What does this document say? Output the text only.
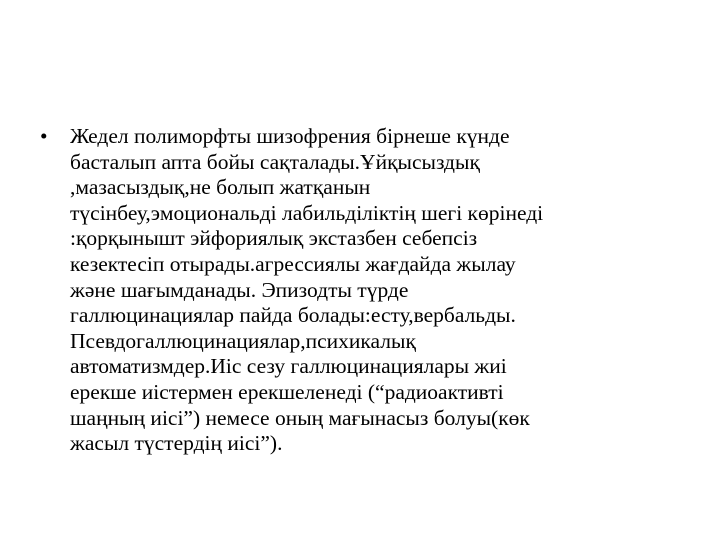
• Жедел полиморфты шизофрения бірнеше күнде
басталып апта бойы сақталады.Ұйқысыздық
,мазасыздық,не болып жатқанын
түсінбеу,эмоциональді лабильділіктің шегі көрінеді
:қорқынышт эйфориялық экстазбен себепсіз
кезектесіп отырады.агрессиялы жағдайда жылау
және шағымданады. Эпизодты түрде
галлюцинациялар пайда болады:есту,вербальды.
Псевдогаллюцинациялар,психикалық
автоматизмдер.Иіс сезу галлюцинациялары жиі
ерекше иістермен ерекшеленеді (“радиоактивті
шаңның иісі”) немесе оның мағынасыз болуы(көк
жасыл түстердің иісі”).
